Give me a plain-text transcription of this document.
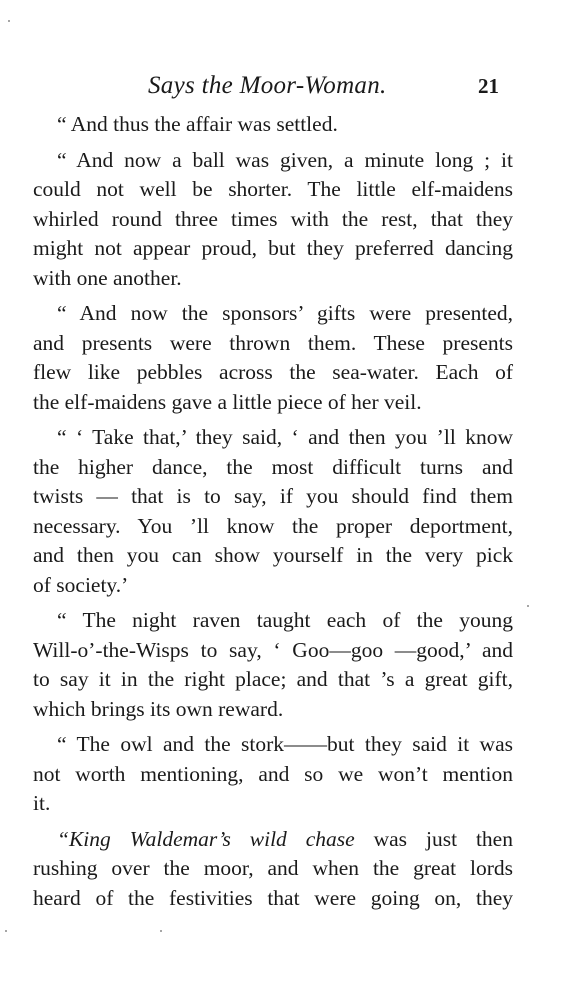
Says the Moor-Woman.	21
“ And thus the affair was settled.
“ And now a ball was given, a minute long ; it
could not well be shorter. The little elf-maidens
whirled round three times with the rest, that they
might not appear proud, but they preferred dancing
with one another.
“ And now the sponsors’ gifts were presented,
and presents were thrown them. These presents
flew like pebbles across the sea-water. Each of
the elf-maidens gave a little piece of her veil.
“ ‘ Take that,’ they said, ‘ and then you ’ll know
the higher dance, the most difficult turns and
twists — that is to say, if you should find them
necessary. You ’ll know the proper deportment,
and then you can show yourself in the very pick
of society.’
“ The night raven taught each of the young
Will-o’-the-Wisps to say, ‘ Goo—goo —good,’ and
to say it in the right place; and that ’s a great gift,
which brings its own reward.
“ The owl and the stork——but they said it was
not worth mentioning, and so we won’t mention
it.
“King Waldemar’s wild chase was just then
rushing over the moor, and when the great lords
heard of the festivities that were going on, they
